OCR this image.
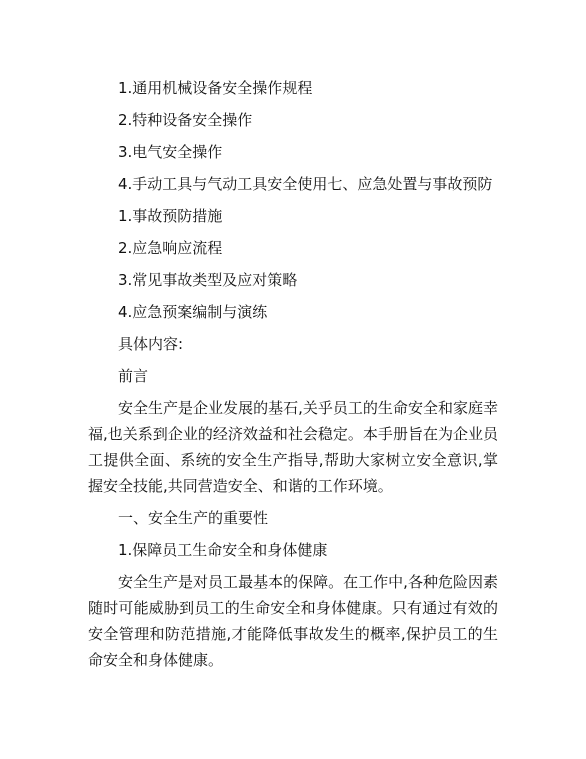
1.通用机械设备安全操作规程
2.特种设备安全操作
3.电气安全操作
4.手动工具与气动工具安全使用七、应急处置与事故预防
1.事故预防措施
2.应急响应流程
3.常见事故类型及应对策略
4.应急预案编制与演练
具体内容:
前言

安全生产是企业发展的基石,关乎员工的生命安全和家庭幸福,也关系到企业的经济效益和社会稳定。本手册旨在为企业员工提供全面、系统的安全生产指导,帮助大家树立安全意识,掌握安全技能,共同营造安全、和谐的工作环境。

一、安全生产的重要性
1.保障员工生命安全和身体健康

安全生产是对员工最基本的保障。在工作中,各种危险因素随时可能威胁到员工的生命安全和身体健康。只有通过有效的安全管理和防范措施,才能降低事故发生的概率,保护员工的生命安全和身体健康。
